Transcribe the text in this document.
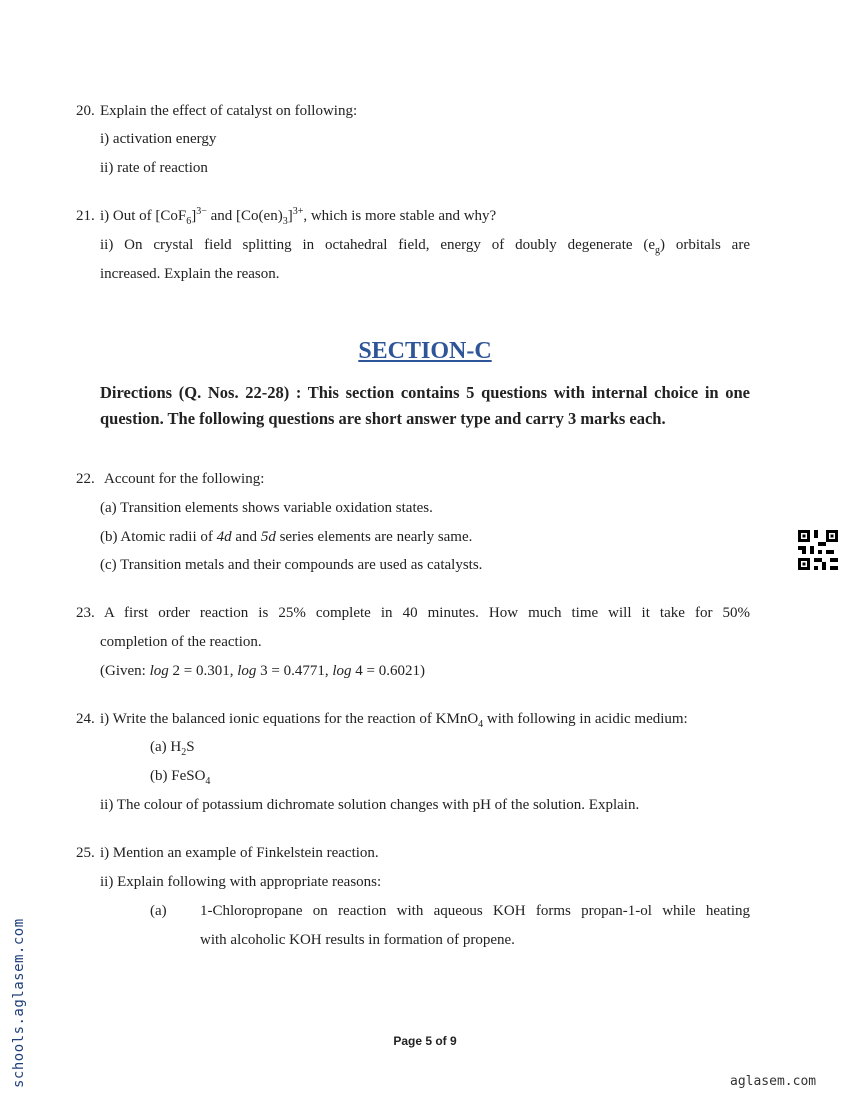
20. Explain the effect of catalyst on following:
i) activation energy
ii) rate of reaction
21. i) Out of $[CoF_6]^{3-}$ and $[Co(en)_3]^{3+}$, which is more stable and why?
ii) On crystal field splitting in octahedral field, energy of doubly degenerate $(e_g)$ orbitals are
increased. Explain the reason.
SECTION-C
Directions (Q. Nos. 22-28) : This section contains 5 questions with internal choice in one question. The following questions are short answer type and carry 3 marks each.
22. Account for the following:
(a) Transition elements shows variable oxidation states.
(b) Atomic radii of 4d and 5d series elements are nearly same.
(c) Transition metals and their compounds are used as catalysts.
23. A first order reaction is 25% complete in 40 minutes. How much time will it take for 50%
completion of the reaction.
(Given: log 2 = 0.301, log 3 = 0.4771, log 4 = 0.6021)
24. i) Write the balanced ionic equations for the reaction of KMnO$_4$ with following in acidic medium:
(a) $H_2S$
(b) FeSO$_4$
ii) The colour of potassium dichromate solution changes with pH of the solution. Explain.
25. i) Mention an example of Finkelstein reaction.
ii) Explain following with appropriate reasons:
(a) 1-Chloropropane on reaction with aqueous KOH forms propan-1-ol while heating
with alcoholic KOH results in formation of propene.
Page 5 of 9
schools.aglasem.com	aglasem.com
